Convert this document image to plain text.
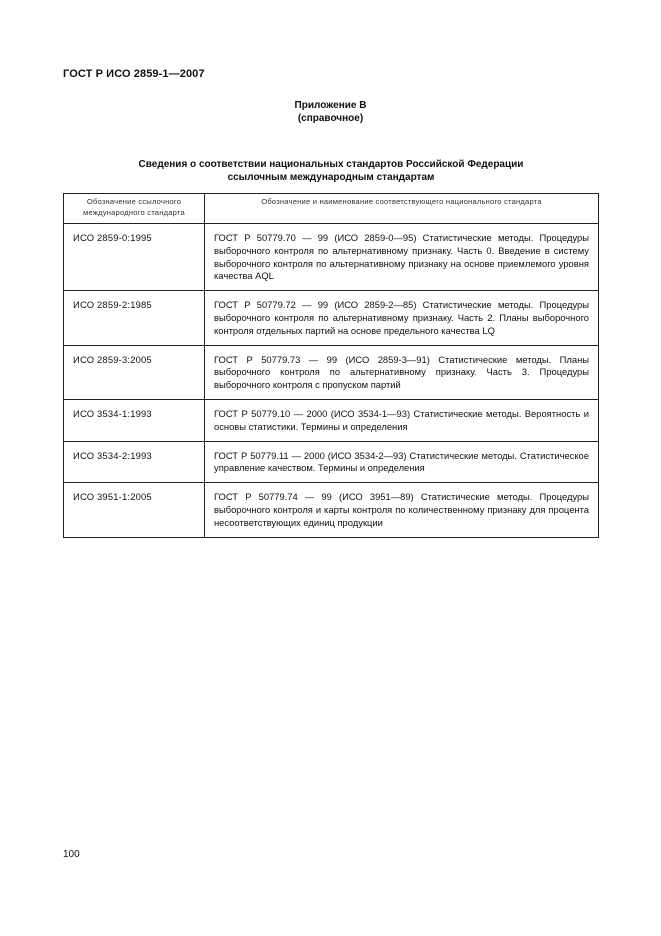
ГОСТ Р ИСО 2859-1—2007
Приложение В
(справочное)
Сведения о соответствии национальных стандартов Российской Федерации
ссылочным международным стандартам
Обозначение ссылочного международного стандарта	Обозначение и наименование соответствующего национального стандарта
ИСО 2859-0:1995	ГОСТ Р 50779.70 — 99 (ИСО 2859-0—95) Статистические методы. Процедуры выборочного контроля по альтернативному признаку. Часть 0. Введение в систему выборочного контроля по альтернативному признаку на основе приемлемого уровня качества AQL
ИСО 2859-2:1985	ГОСТ Р 50779.72 — 99 (ИСО 2859-2—85) Статистические методы. Процедуры выборочного контроля по альтернативному признаку. Часть 2. Планы выборочного контроля отдельных партий на основе предельного качества LQ
ИСО 2859-3:2005	ГОСТ Р 50779.73 — 99 (ИСО 2859-3—91) Статистические методы. Планы выборочного контроля по альтернативному признаку. Часть 3. Процедуры выборочного контроля с пропуском партий
ИСО 3534-1:1993	ГОСТ Р 50779.10 — 2000 (ИСО 3534-1—93) Статистические методы. Вероятность и основы статистики. Термины и определения
ИСО 3534-2:1993	ГОСТ Р 50779.11 — 2000 (ИСО 3534-2—93) Статистические методы. Статистическое управление качеством. Термины и определения
ИСО 3951-1:2005	ГОСТ Р 50779.74 — 99 (ИСО 3951—89) Статистические методы. Процедуры выборочного контроля и карты контроля по количественному признаку для процента несоответствующих единиц продукции
100
